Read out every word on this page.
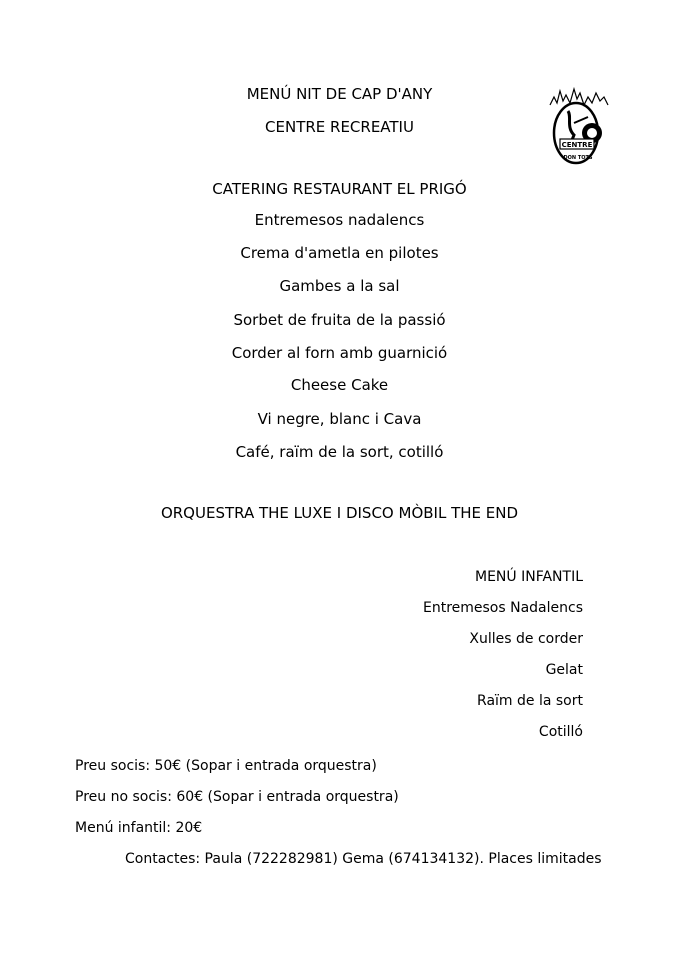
MENÚ NIT DE CAP D'ANY
CENTRE RECREATIU
CENTRE
DON TOTS
CATERING RESTAURANT EL PRIGÓ
Entremesos nadalencs
Crema d'ametla en pilotes
Gambes a la sal
Sorbet de fruita de la passió
Corder al forn amb guarnició
Cheese Cake
Vi negre, blanc i Cava
Café, raïm de la sort, cotilló
ORQUESTRA THE LUXE I DISCO MÒBIL THE END
MENÚ INFANTIL
Entremesos Nadalencs
Xulles de corder
Gelat
Raïm de la sort
Cotilló
Preu socis: 50€ (Sopar i entrada orquestra)
Preu no socis: 60€ (Sopar i entrada orquestra)
Menú infantil: 20€
Contactes: Paula (722282981) Gema (674134132). Places limitades
